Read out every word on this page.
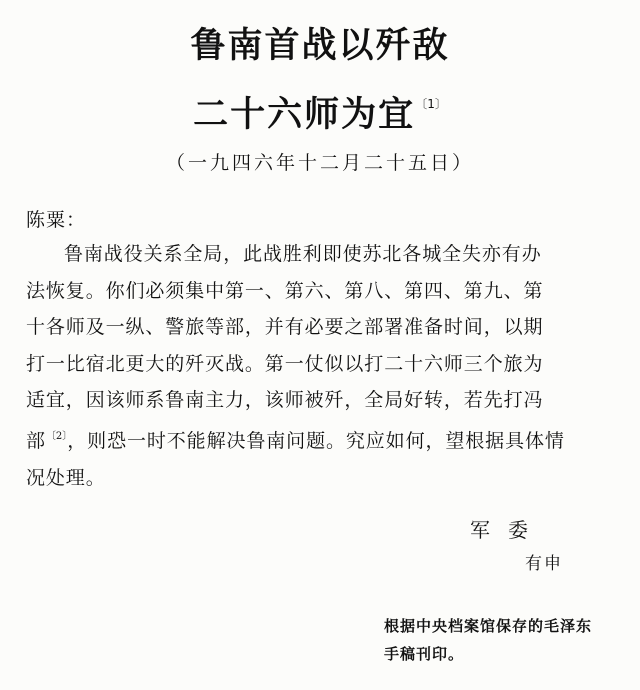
鲁南首战以歼敌
二十六师为宜$^{〔1〕}$
（一九四六年十二月二十五日）
陈粟：
鲁南战役关系全局，此战胜利即使苏北各城全失亦有办
法恢复。你们必须集中第一、第六、第八、第四、第九、第
十各师及一纵、警旅等部，并有必要之部署准备时间，以期
打一比宿北更大的歼灭战。第一仗似以打二十六师三个旅为
适宜，因该师系鲁南主力，该师被歼，全局好转，若先打冯
部$^{〔2〕}$，则恐一时不能解决鲁南问题。究应如何，望根据具体情
况处理。
军委
有申
根据中央档案馆保存的毛泽东
手稿刊印。
